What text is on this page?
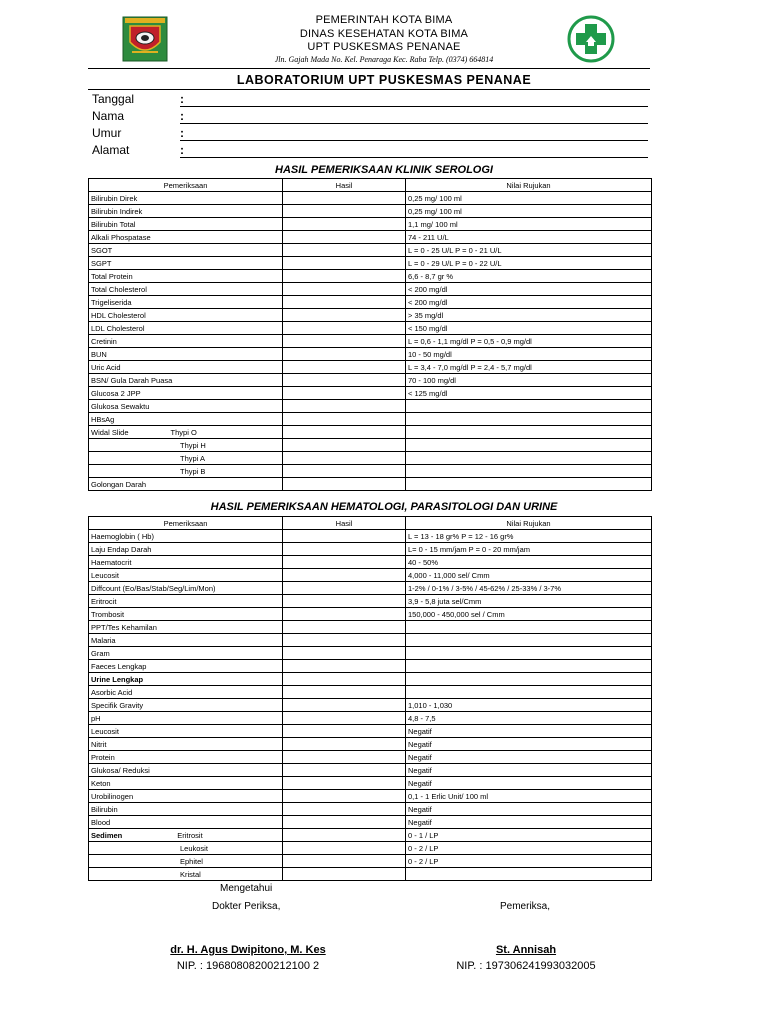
PEMERINTAH KOTA BIMA
DINAS KESEHATAN KOTA BIMA
UPT PUSKESMAS PENANAE
Jln. Gajah Mada No. Kel. Penaraga Kec. Raba Telp. (0374) 664814
LABORATORIUM UPT PUSKESMAS PENANAE
Tanggal	:
Nama	:
Umur	:
Alamat	:
HASIL PEMERIKSAAN KLINIK SEROLOGI
Pemeriksaan	Hasil	Nilai Rujukan
Bilirubin Direk		0,25 mg/ 100 ml
Bilirubin Indirek		0,25 mg/ 100 ml
Bilirubin Total		1,1 mg/ 100 ml
Alkali Phospatase		74 - 211 U/L
SGOT		L = 0 - 25 U/L P = 0 - 21 U/L
SGPT		L = 0 - 29 U/L P = 0 - 22 U/L
Total Protein		6,6 - 8,7 gr %
Total Cholesterol		< 200 mg/dl
Trigeliserida		< 200 mg/dl
HDL Cholesterol		> 35 mg/dl
LDL Cholesterol		< 150 mg/dl
Cretinin		L = 0,6 - 1,1 mg/dl P = 0,5 - 0,9 mg/dl
BUN		10 - 50 mg/dl
Uric Acid		L = 3,4 - 7,0 mg/dl P = 2,4 - 5,7 mg/dl
BSN/ Gula Darah Puasa		70 - 100 mg/dl
Glucosa 2 JPP		< 125 mg/dl
Glukosa Sewaktu		
HBsAg		
Widal Slide Thypi O		
Thypi H		
Thypi A		
Thypi B		
Golongan Darah		
HASIL PEMERIKSAAN HEMATOLOGI, PARASITOLOGI DAN URINE
Pemeriksaan	Hasil	Nilai Rujukan
Haemoglobin ( Hb)		L = 13 - 18 gr% P = 12 - 16 gr%
Laju Endap Darah		L= 0 - 15 mm/jam P = 0 - 20 mm/jam
Haematocrit		40 - 50%
Leucosit		4,000 - 11,000 sel/ Cmm
Diffcount (Eo/Bas/Stab/Seg/Lim/Mon)		1-2% / 0-1% / 3-5% / 45-62% / 25-33% / 3-7%
Eritrocit		3,9 - 5,8 juta sel/Cmm
Trombosit		150,000 - 450,000 sel / Cmm
PPT/Tes Kehamilan		
Malaria		
Gram		
Faeces Lengkap		
Urine Lengkap		
Asorbic Acid		
Specifik Gravity		1,010 - 1,030
pH		4,8 - 7,5
Leucosit		Negatif
Nitrit		Negatif
Protein		Negatif
Glukosa/ Reduksi		Negatif
Keton		Negatif
Urobilinogen		0,1 - 1 Erlic Unit/ 100 ml
Bilirubin		Negatif
Blood		Negatif
Sedimen Eritrosit		0 - 1 / LP
Leukosit		0 - 2 / LP
Ephitel		0 - 2 / LP
Kristal		
Mengetahui
Dokter Periksa,	Pemeriksa,
dr. H. Agus Dwipitono, M. Kes
NIP. : 19680808200212100 2
St. Annisah
NIP. : 197306241993032005
